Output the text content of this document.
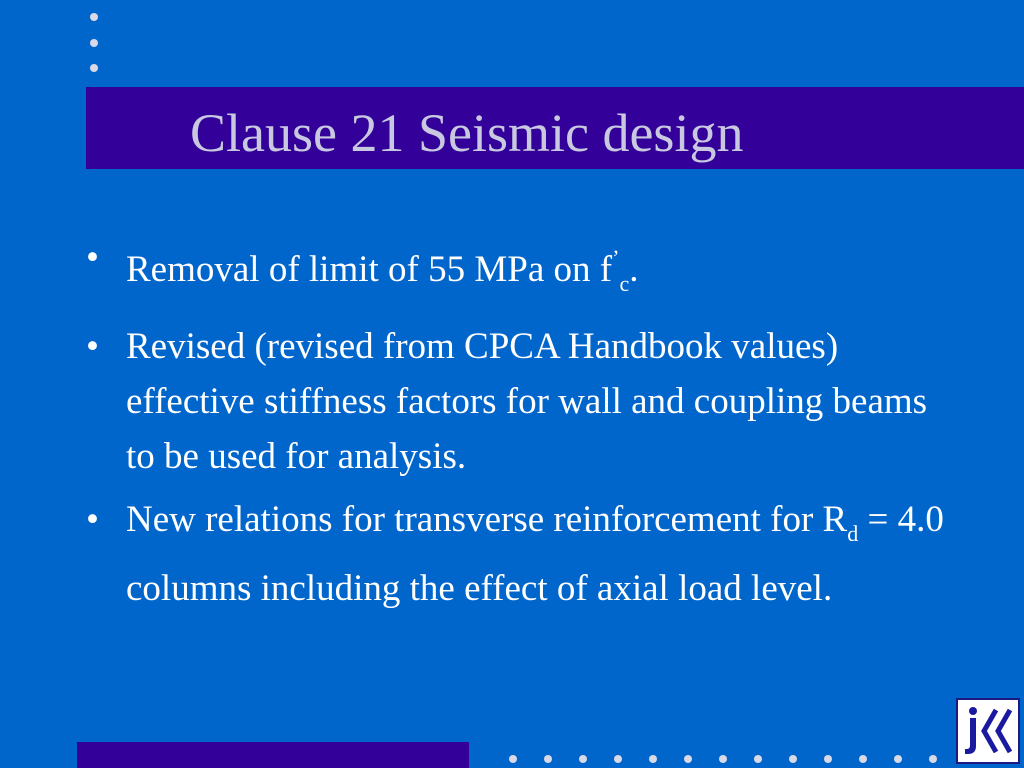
Clause 21 Seismic design
• Removal of limit of 55 MPa on $f^’_c$.
• Revised (revised from CPCA Handbook values) effective stiffness factors for wall and coupling beams to be used for analysis.
• New relations for transverse reinforcement for $R_d = 4.0$ columns including the effect of axial load level.
